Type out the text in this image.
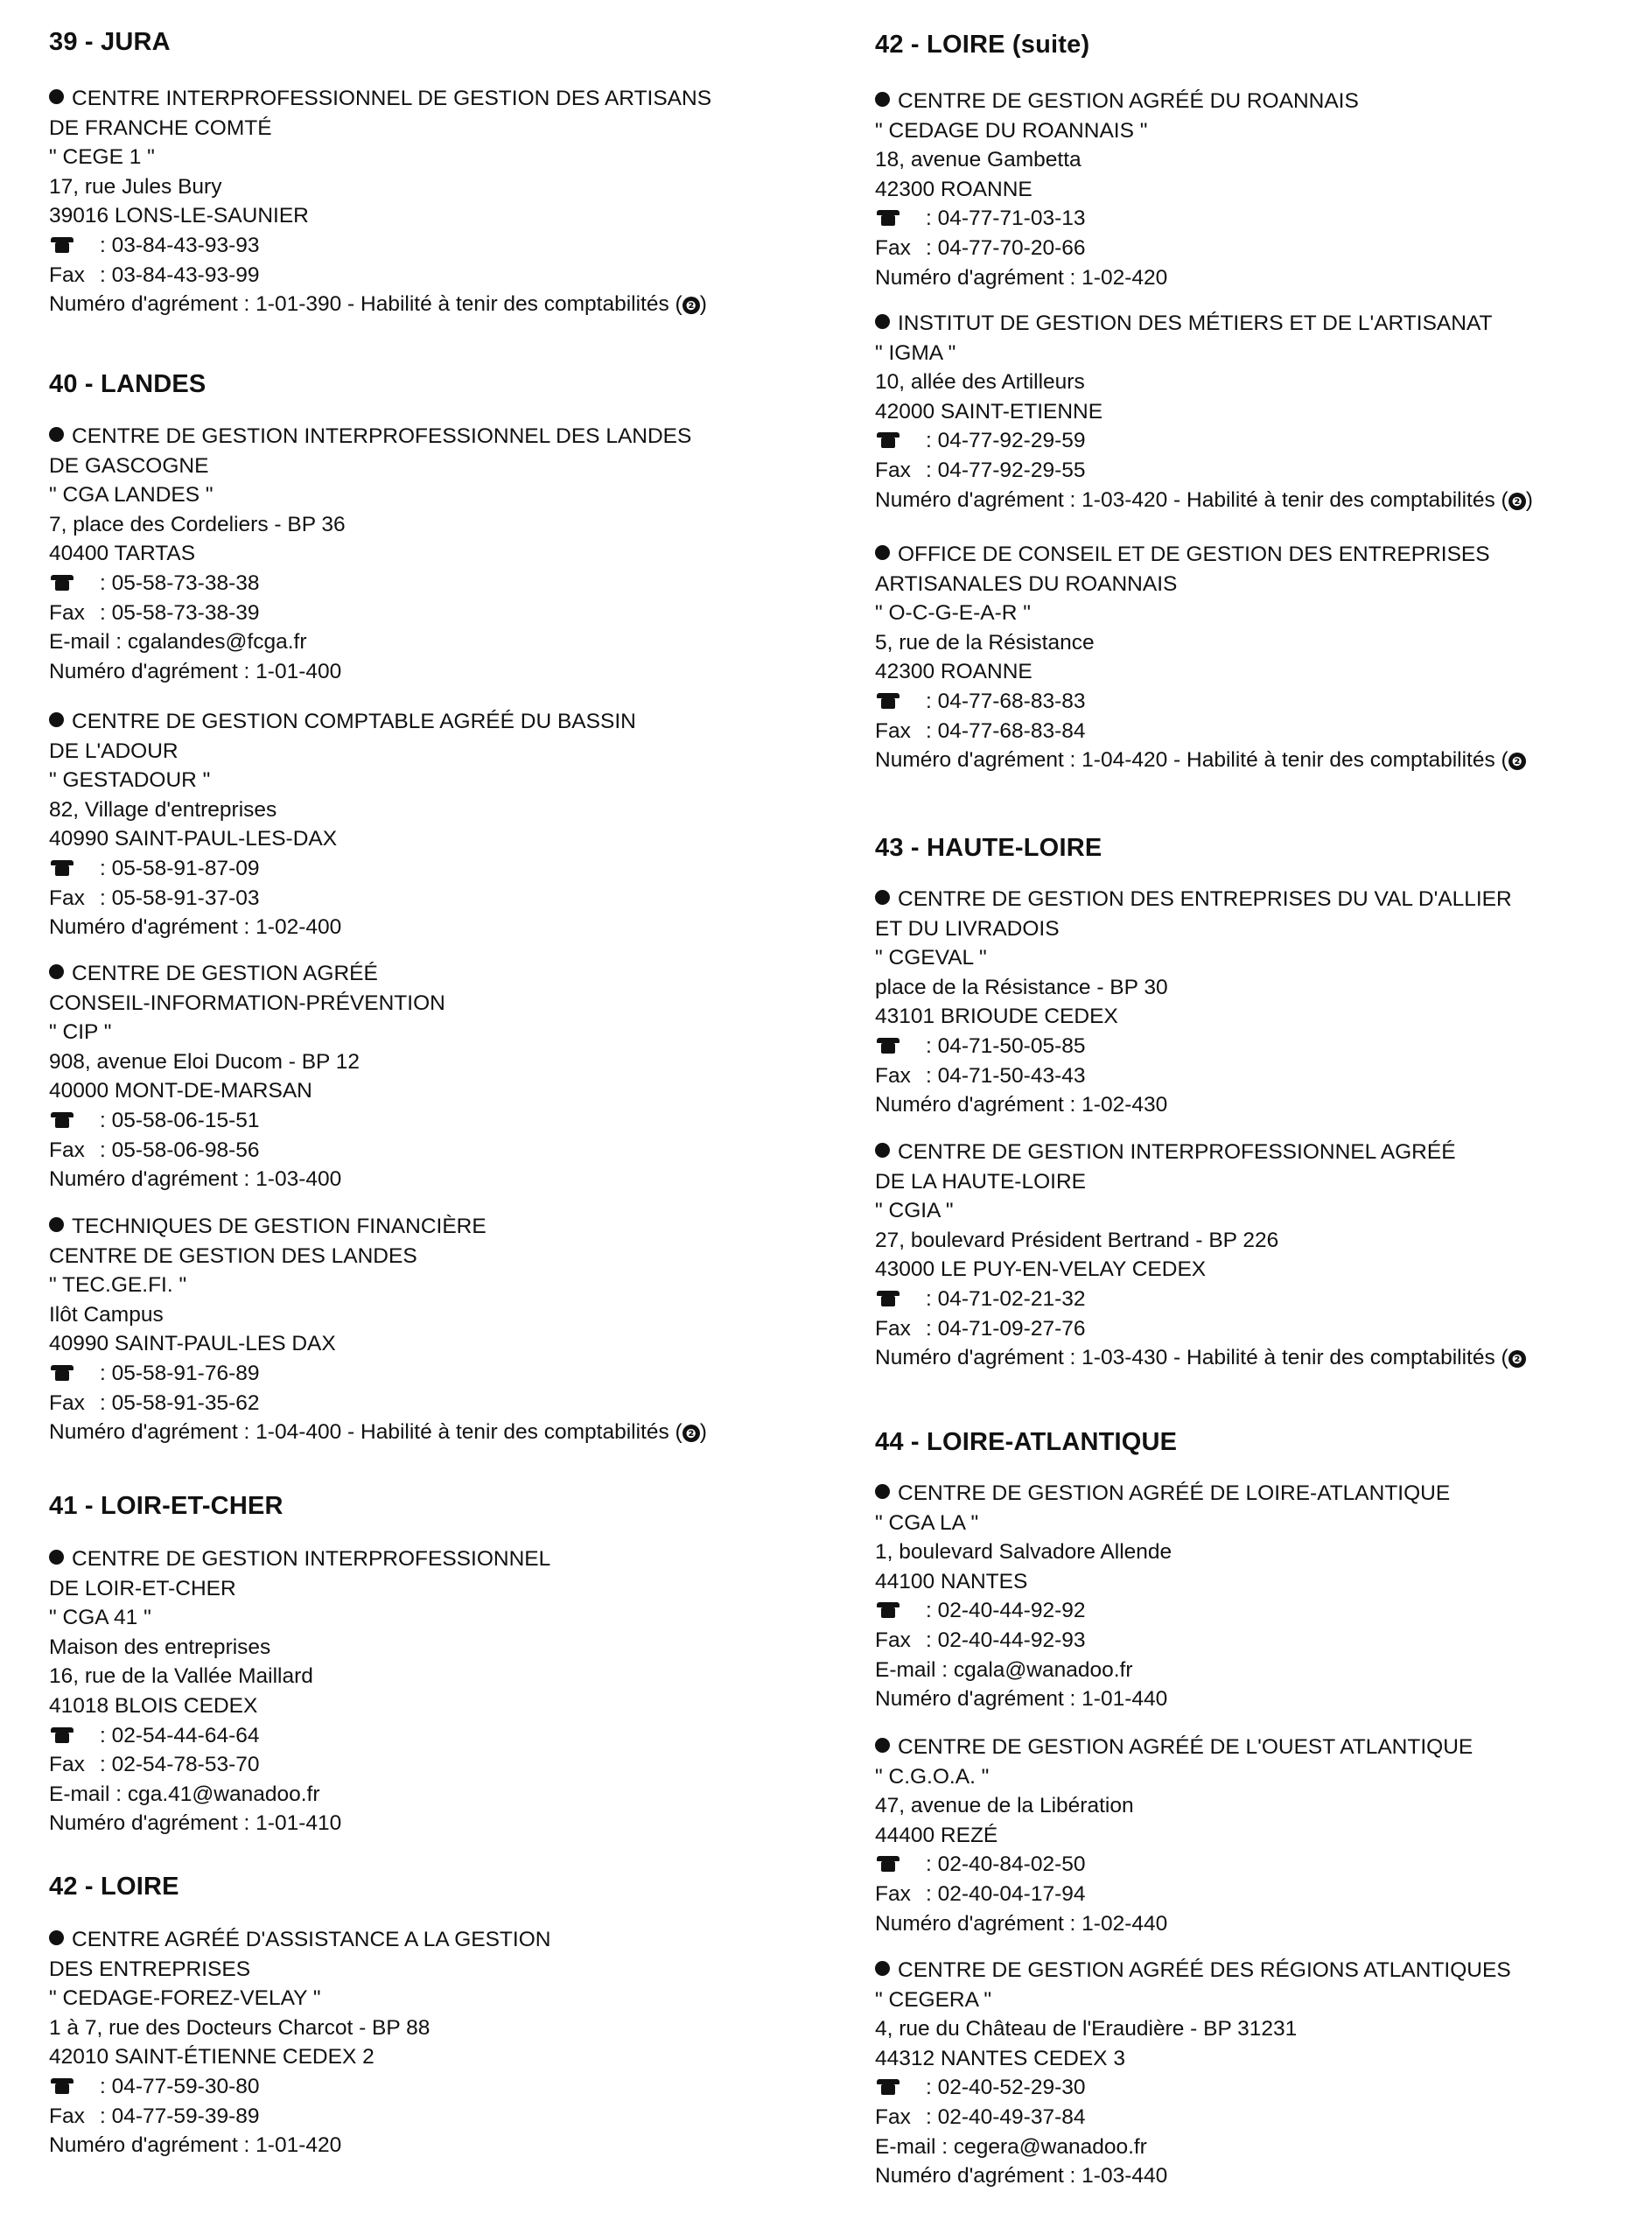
39 - JURA
CENTRE INTERPROFESSIONNEL DE GESTION DES ARTISANS
DE FRANCHE COMTÉ
" CEGE 1 "
17, rue Jules Bury
39016 LONS-LE-SAUNIER
: 03-84-43-93-93
Fax : 03-84-43-93-99
Numéro d'agrément : 1-01-390 - Habilité à tenir des comptabilités ( ❷ )
40 - LANDES
CENTRE DE GESTION INTERPROFESSIONNEL DES LANDES
DE GASCOGNE
" CGA LANDES "
7, place des Cordeliers - BP 36
40400 TARTAS
: 05-58-73-38-38
Fax : 05-58-73-38-39
E-mail : cgalandes@fcga.fr
Numéro d'agrément : 1-01-400
CENTRE DE GESTION COMPTABLE AGRÉÉ DU BASSIN
DE L'ADOUR
" GESTADOUR "
82, Village d'entreprises
40990 SAINT-PAUL-LES-DAX
: 05-58-91-87-09
Fax : 05-58-91-37-03
Numéro d'agrément : 1-02-400
CENTRE DE GESTION AGRÉÉ
CONSEIL-INFORMATION-PRÉVENTION
" CIP "
908, avenue Eloi Ducom - BP 12
40000 MONT-DE-MARSAN
: 05-58-06-15-51
Fax : 05-58-06-98-56
Numéro d'agrément : 1-03-400
TECHNIQUES DE GESTION FINANCIÈRE
CENTRE DE GESTION DES LANDES
" TEC.GE.FI. "
Ilôt Campus
40990 SAINT-PAUL-LES DAX
: 05-58-91-76-89
Fax : 05-58-91-35-62
Numéro d'agrément : 1-04-400 - Habilité à tenir des comptabilités ( ❷ )
41 - LOIR-ET-CHER
CENTRE DE GESTION INTERPROFESSIONNEL
DE LOIR-ET-CHER
" CGA 41 "
Maison des entreprises
16, rue de la Vallée Maillard
41018 BLOIS CEDEX
: 02-54-44-64-64
Fax : 02-54-78-53-70
E-mail : cga.41@wanadoo.fr
Numéro d'agrément : 1-01-410
42 - LOIRE
CENTRE AGRÉÉ D'ASSISTANCE A LA GESTION
DES ENTREPRISES
" CEDAGE-FOREZ-VELAY "
1 à 7, rue des Docteurs Charcot - BP 88
42010 SAINT-ÉTIENNE CEDEX 2
: 04-77-59-30-80
Fax : 04-77-59-39-89
Numéro d'agrément : 1-01-420
42 - LOIRE (suite)
CENTRE DE GESTION AGRÉÉ DU ROANNAIS
" CEDAGE DU ROANNAIS "
18, avenue Gambetta
42300 ROANNE
: 04-77-71-03-13
Fax : 04-77-70-20-66
Numéro d'agrément : 1-02-420
INSTITUT DE GESTION DES MÉTIERS ET DE L'ARTISANAT
" IGMA "
10, allée des Artilleurs
42000 SAINT-ETIENNE
: 04-77-92-29-59
Fax : 04-77-92-29-55
Numéro d'agrément : 1-03-420 - Habilité à tenir des comptabilités ( ❷ )
OFFICE DE CONSEIL ET DE GESTION DES ENTREPRISES
ARTISANALES DU ROANNAIS
" O-C-G-E-A-R "
5, rue de la Résistance
42300 ROANNE
: 04-77-68-83-83
Fax : 04-77-68-83-84
Numéro d'agrément : 1-04-420 - Habilité à tenir des comptabilités ( ❷
43 - HAUTE-LOIRE
CENTRE DE GESTION DES ENTREPRISES DU VAL D'ALLIER
ET DU LIVRADOIS
" CGEVAL "
place de la Résistance - BP 30
43101 BRIOUDE CEDEX
: 04-71-50-05-85
Fax : 04-71-50-43-43
Numéro d'agrément : 1-02-430
CENTRE DE GESTION INTERPROFESSIONNEL AGRÉÉ
DE LA HAUTE-LOIRE
" CGIA "
27, boulevard Président Bertrand - BP 226
43000 LE PUY-EN-VELAY CEDEX
: 04-71-02-21-32
Fax : 04-71-09-27-76
Numéro d'agrément : 1-03-430 - Habilité à tenir des comptabilités ( ❷
44 - LOIRE-ATLANTIQUE
CENTRE DE GESTION AGRÉÉ DE LOIRE-ATLANTIQUE
" CGA LA "
1, boulevard Salvadore Allende
44100 NANTES
: 02-40-44-92-92
Fax : 02-40-44-92-93
E-mail : cgala@wanadoo.fr
Numéro d'agrément : 1-01-440
CENTRE DE GESTION AGRÉÉ DE L'OUEST ATLANTIQUE
" C.G.O.A. "
47, avenue de la Libération
44400 REZÉ
: 02-40-84-02-50
Fax : 02-40-04-17-94
Numéro d'agrément : 1-02-440
CENTRE DE GESTION AGRÉÉ DES RÉGIONS ATLANTIQUES
" CEGERA "
4, rue du Château de l'Eraudière - BP 31231
44312 NANTES CEDEX 3
: 02-40-52-29-30
Fax : 02-40-49-37-84
E-mail : cegera@wanadoo.fr
Numéro d'agrément : 1-03-440
